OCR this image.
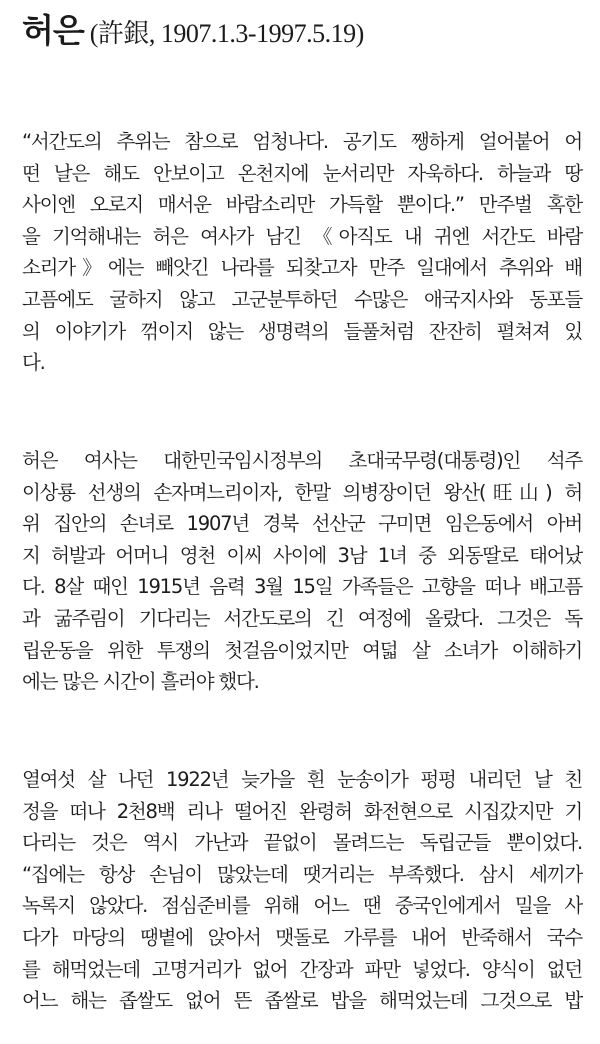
허은 (許銀, 1907.1.3-1997.5.19)
“서간도의 추위는 참으로 엄청나다. 공기도 쨍하게 얼어붙어 어
떤 날은 해도 안보이고 온천지에 눈서리만 자욱하다. 하늘과 땅
사이엔 오로지 매서운 바람소리만 가득할 뿐이다.” 만주벌 혹한
을 기억해내는 허은 여사가 남긴 《아직도 내 귀엔 서간도 바람
소리가》에는 빼앗긴 나라를 되찾고자 만주 일대에서 추위와 배
고픔에도 굴하지 않고 고군분투하던 수많은 애국지사와 동포들
의 이야기가 꺾이지 않는 생명력의 들풀처럼 잔잔히 펼쳐져 있
다.
허은 여사는 대한민국임시정부의 초대국무령(대통령)인 석주
이상룡 선생의 손자며느리이자, 한말 의병장이던 왕산(旺山) 허
위 집안의 손녀로 1907년 경북 선산군 구미면 임은동에서 아버
지 허발과 어머니 영천 이씨 사이에 3남 1녀 중 외동딸로 태어났
다. 8살 때인 1915년 음력 3월 15일 가족들은 고향을 떠나 배고픔
과 굶주림이 기다리는 서간도로의 긴 여정에 올랐다. 그것은 독
립운동을 위한 투쟁의 첫걸음이었지만 여덟 살 소녀가 이해하기
에는 많은 시간이 흘러야 했다.
열여섯 살 나던 1922년 늦가을 흰 눈송이가 펑펑 내리던 날 친
정을 떠나 2천8백 리나 떨어진 완령허 화전현으로 시집갔지만 기
다리는 것은 역시 가난과 끝없이 몰려드는 독립군들 뿐이었다.
“집에는 항상 손님이 많았는데 땟거리는 부족했다. 삼시 세끼가
녹록지 않았다. 점심준비를 위해 어느 땐 중국인에게서 밀을 사
다가 마당의 땡볕에 앉아서 맷돌로 가루를 내어 반죽해서 국수
를 해먹었는데 고명거리가 없어 간장과 파만 넣었다. 양식이 없던
어느 해는 좁쌀도 없어 뜬 좁쌀로 밥을 해먹었는데 그것으로 밥
